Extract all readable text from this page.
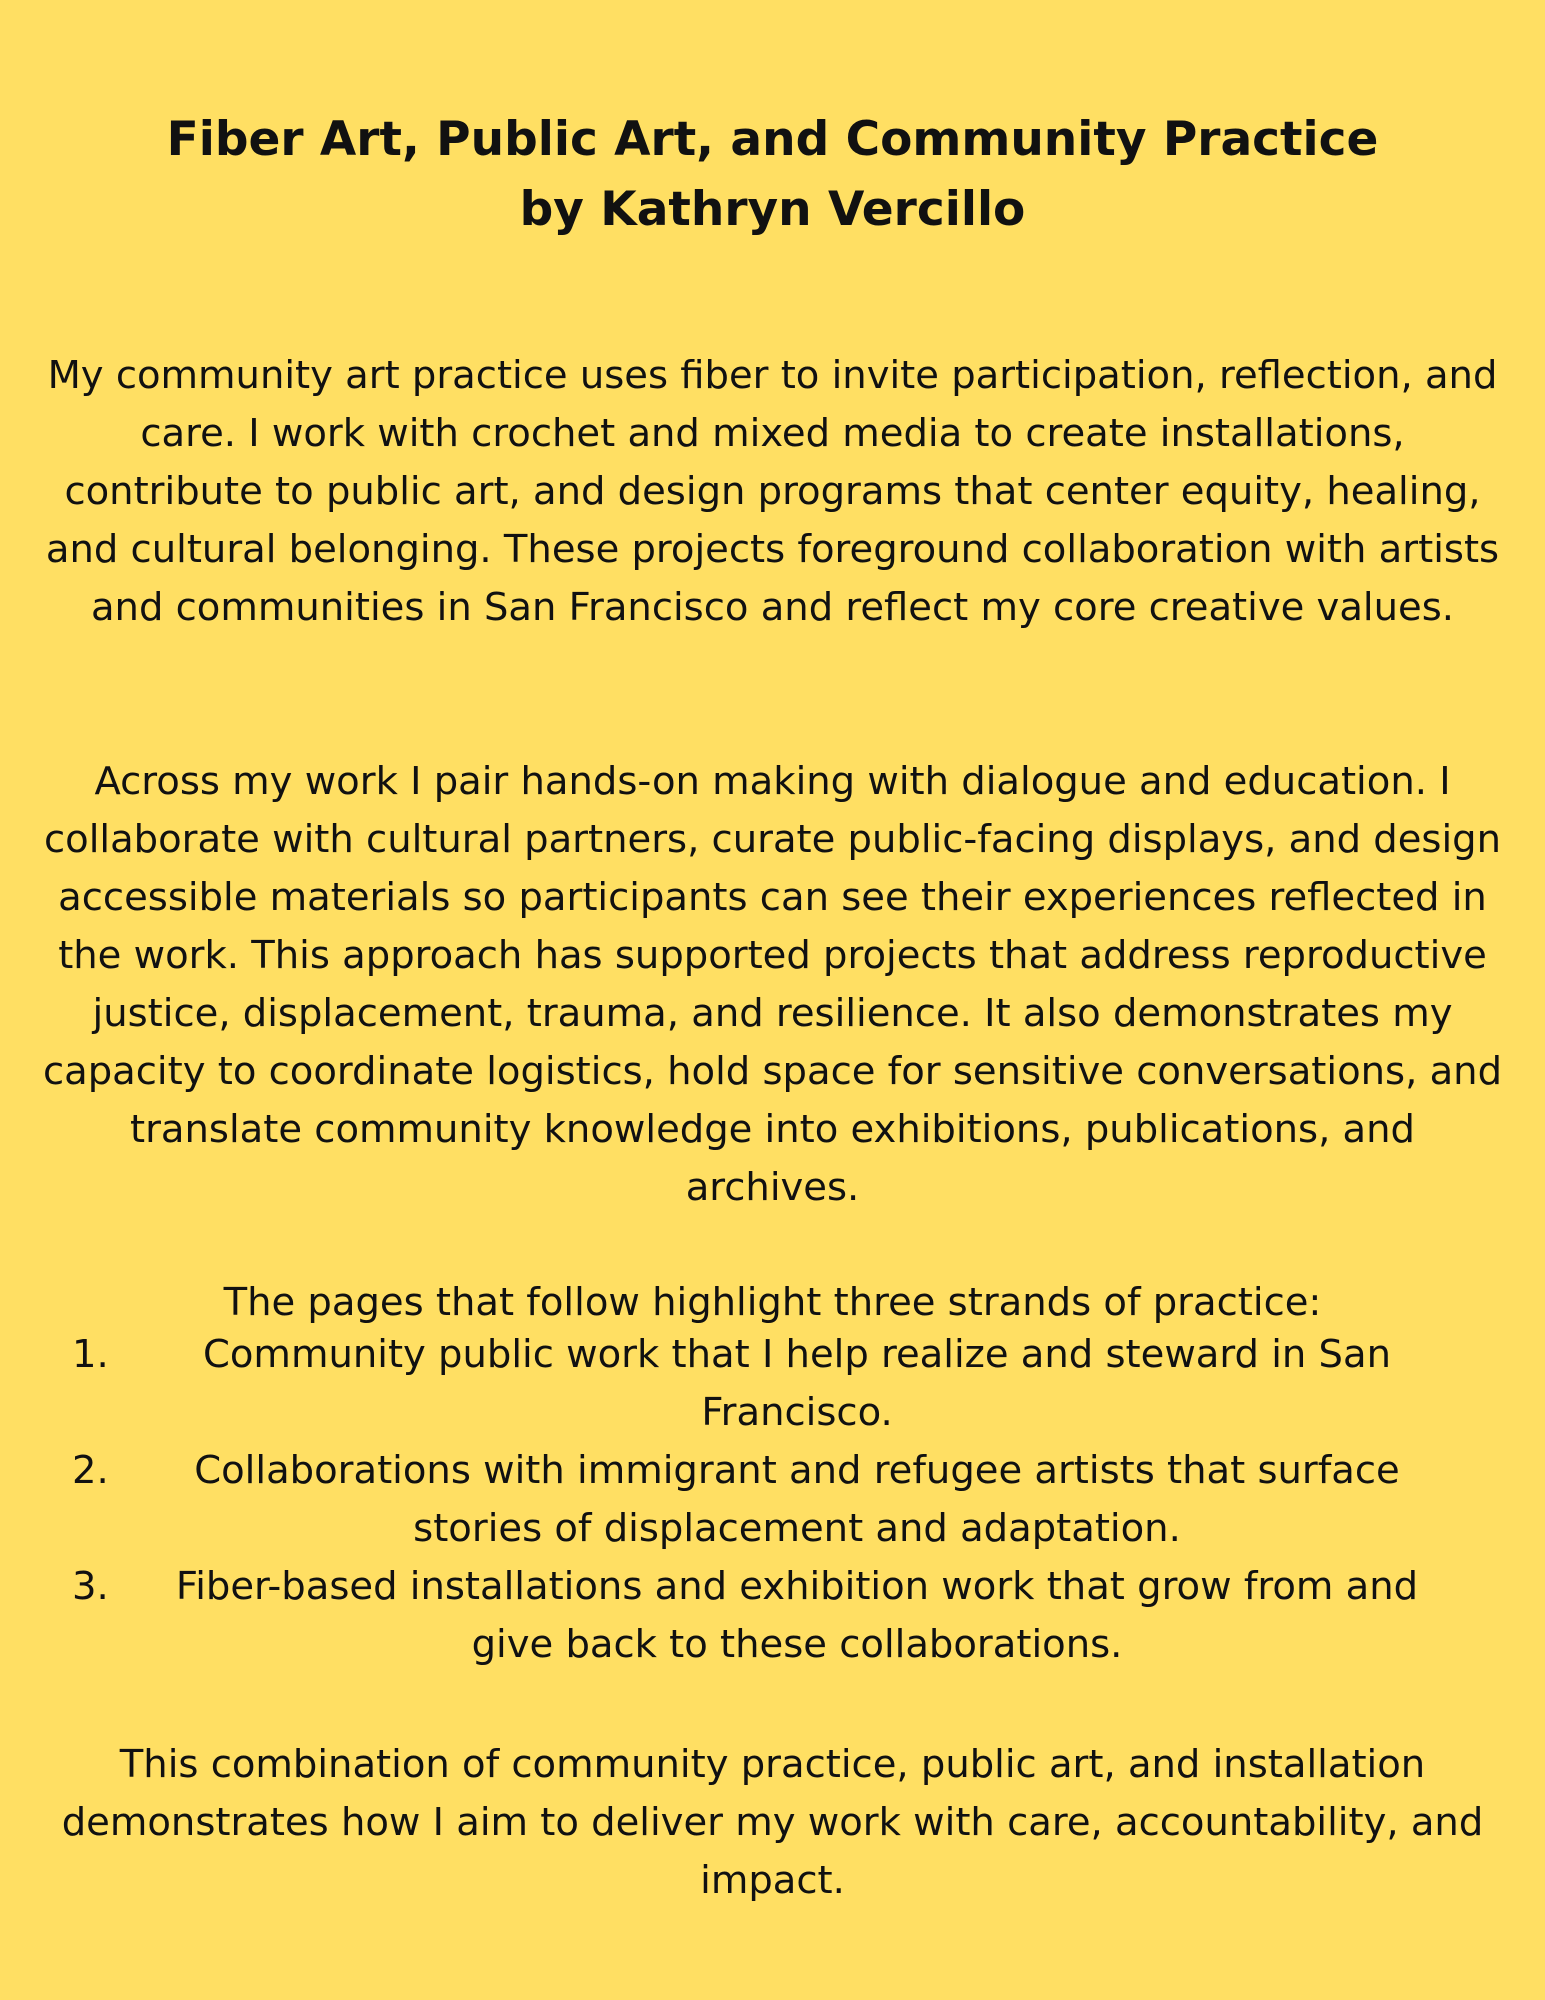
Fiber Art, Public Art, and Community Practice
by Kathryn Vercillo

My community art practice uses fiber to invite participation, reflection, and care. I work with crochet and mixed media to create installations, contribute to public art, and design programs that center equity, healing, and cultural belonging. These projects foreground collaboration with artists and communities in San Francisco and reflect my core creative values.

Across my work I pair hands-on making with dialogue and education. I collaborate with cultural partners, curate public-facing displays, and design accessible materials so participants can see their experiences reflected in the work. This approach has supported projects that address reproductive justice, displacement, trauma, and resilience. It also demonstrates my capacity to coordinate logistics, hold space for sensitive conversations, and translate community knowledge into exhibitions, publications, and archives.

The pages that follow highlight three strands of practice:

1. Community public work that I help realize and steward in San Francisco.
2. Collaborations with immigrant and refugee artists that surface stories of displacement and adaptation.
3. Fiber-based installations and exhibition work that grow from and give back to these collaborations.

This combination of community practice, public art, and installation demonstrates how I aim to deliver my work with care, accountability, and impact.
